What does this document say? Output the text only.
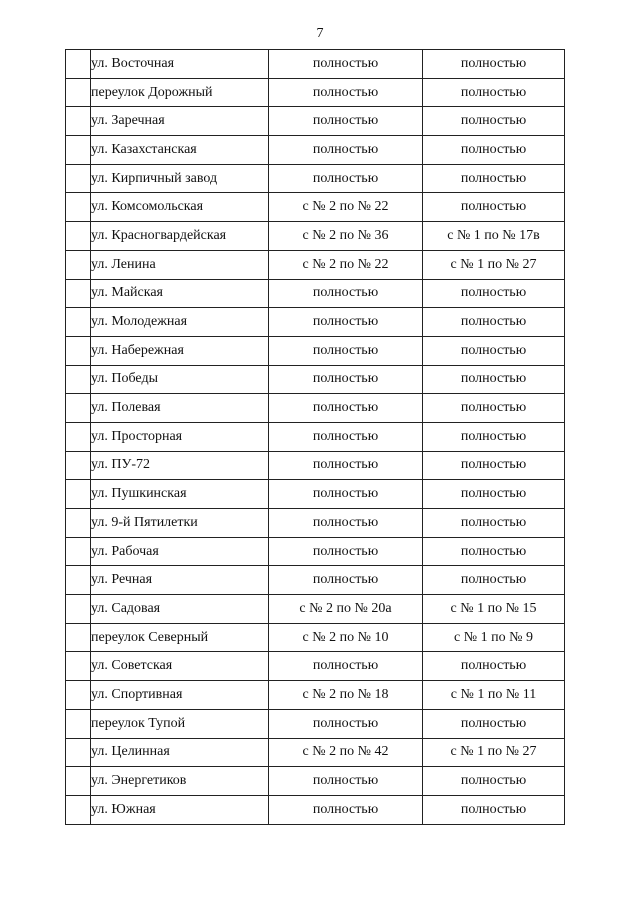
7
	ул. Восточная	полностью	полностью
	переулок Дорожный	полностью	полностью
	ул. Заречная	полностью	полностью
	ул. Казахстанская	полностью	полностью
	ул. Кирпичный завод	полностью	полностью
	ул. Комсомольская	с № 2 по № 22	полностью
	ул. Красногвардейская	с № 2 по № 36	с № 1 по № 17в
	ул. Ленина	с № 2 по № 22	с № 1 по № 27
	ул. Майская	полностью	полностью
	ул. Молодежная	полностью	полностью
	ул. Набережная	полностью	полностью
	ул. Победы	полностью	полностью
	ул. Полевая	полностью	полностью
	ул. Просторная	полностью	полностью
	ул. ПУ-72	полностью	полностью
	ул. Пушкинская	полностью	полностью
	ул. 9-й Пятилетки	полностью	полностью
	ул. Рабочая	полностью	полностью
	ул. Речная	полностью	полностью
	ул. Садовая	с № 2 по № 20а	с № 1 по № 15
	переулок Северный	с № 2 по № 10	с № 1 по № 9
	ул. Советская	полностью	полностью
	ул. Спортивная	с № 2 по № 18	с № 1 по № 11
	переулок Тупой	полностью	полностью
	ул. Целинная	с № 2 по № 42	с № 1 по № 27
	ул. Энергетиков	полностью	полностью
	ул. Южная	полностью	полностью
